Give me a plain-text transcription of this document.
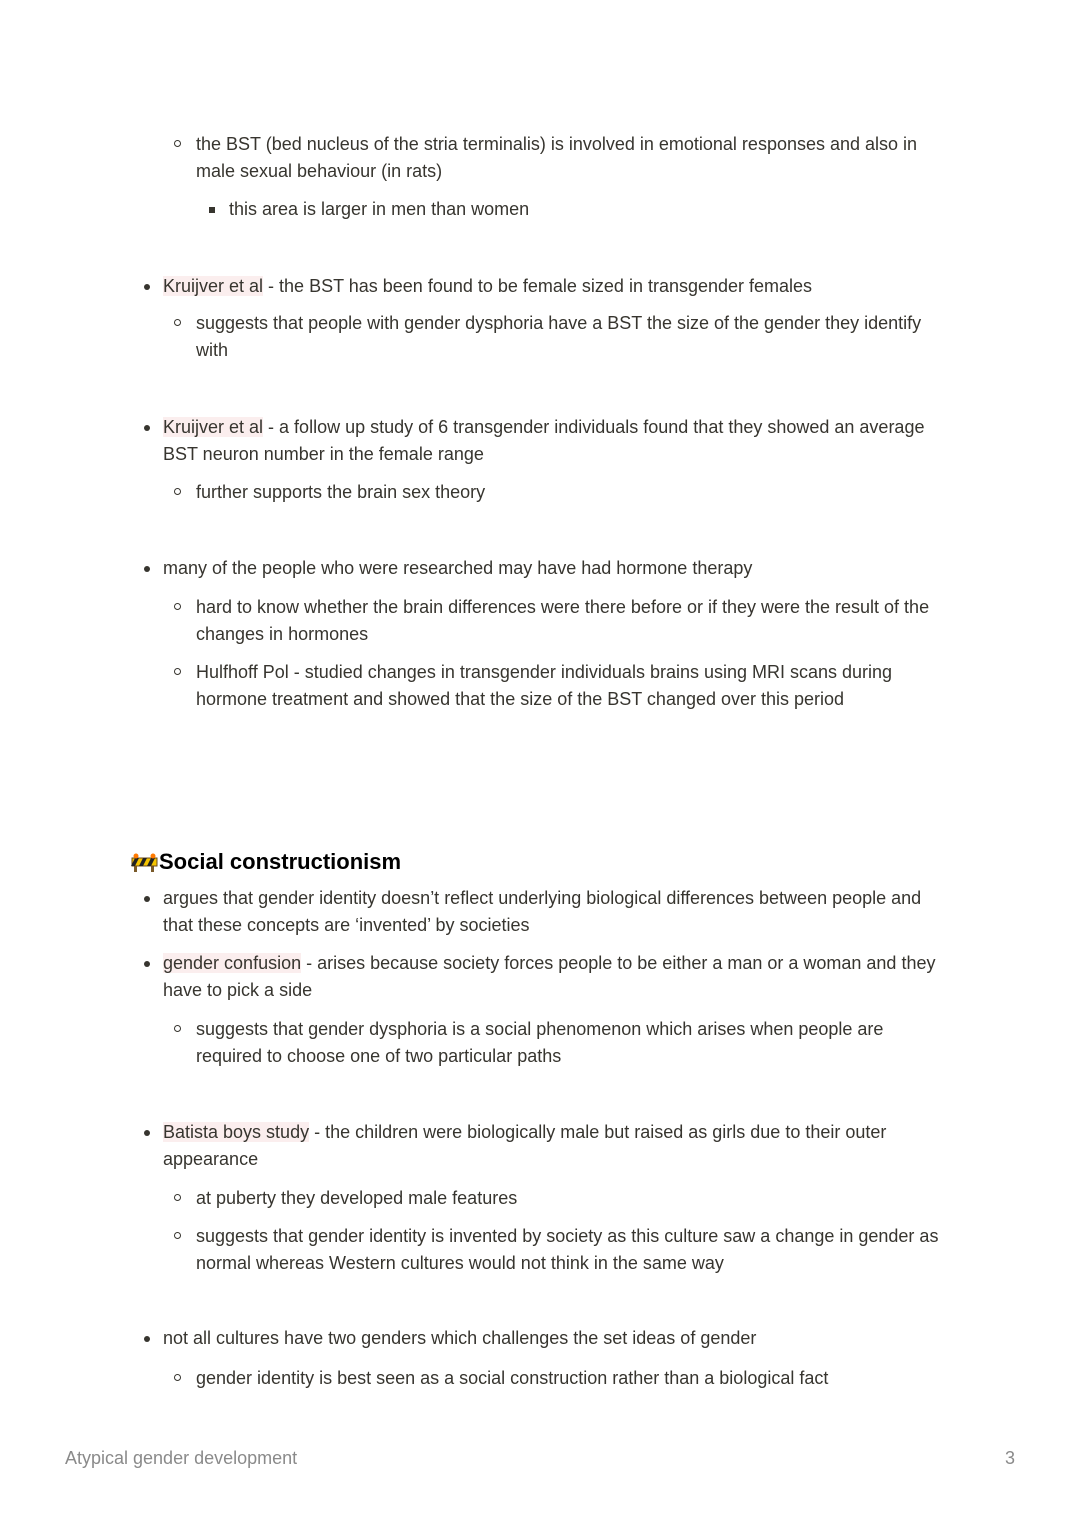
the BST (bed nucleus of the stria terminalis) is involved in emotional responses and also in
male sexual behaviour (in rats)
this area is larger in men than women
Kruijver et al - the BST has been found to be female sized in transgender females
suggests that people with gender dysphoria have a BST the size of the gender they identify
with
Kruijver et al - a follow up study of 6 transgender individuals found that they showed an average
BST neuron number in the female range
further supports the brain sex theory
many of the people who were researched may have had hormone therapy
hard to know whether the brain differences were there before or if they were the result of the
changes in hormones
Hulfhoff Pol - studied changes in transgender individuals brains using MRI scans during
hormone treatment and showed that the size of the BST changed over this period
Social constructionism
argues that gender identity doesn’t reflect underlying biological differences between people and
that these concepts are ‘invented’ by societies
gender confusion - arises because society forces people to be either a man or a woman and they
have to pick a side
suggests that gender dysphoria is a social phenomenon which arises when people are
required to choose one of two particular paths
Batista boys study - the children were biologically male but raised as girls due to their outer
appearance
at puberty they developed male features
suggests that gender identity is invented by society as this culture saw a change in gender as
normal whereas Western cultures would not think in the same way
not all cultures have two genders which challenges the set ideas of gender
gender identity is best seen as a social construction rather than a biological fact
Atypical gender development	3
